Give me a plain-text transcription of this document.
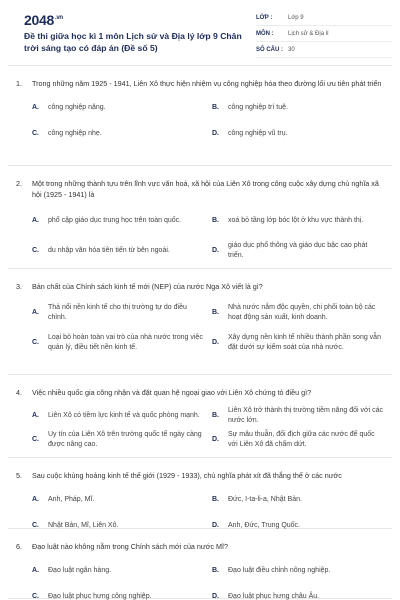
$2048^{.vn}$
Đề thi giữa học kì 1 môn Lịch sử và Địa lý lớp 9 Chân trời sáng tạo có đáp án (Đề số 5)
LỚP :	Lớp 9
MÔN :	Lịch sử & Địa lí
SỐ CÂU : 30
1.	Trong những năm 1925 - 1941, Liên Xô thực hiện nhiệm vụ công nghiệp hóa theo đường lối ưu tiên phát triển
A.	công nghiệp nặng.	B.	công nghiệp trí tuệ.
C.	công nghiệp nhẹ.	D.	công nghiệp vũ trụ.
2.	Một trong những thành tựu trên lĩnh vực văn hoá, xã hội của Liên Xô trong công cuộc xây dựng chủ nghĩa xã hội (1925 - 1941) là
A.	phổ cập giáo dục trung học trên toàn quốc.	B.	xoá bỏ tầng lớp bóc lột ở khu vực thành thị.
C.	du nhập văn hóa tiên tiến từ bên ngoài.	D.
giáo dục phổ thông và giáo dục bậc cao phát triển.
3.	Bản chất của Chính sách kinh tế mới (NEP) của nước Nga Xô viết là gì?
A.
Thả nổi nền kinh tế cho thị trường tự do điều chỉnh.
B.
Nhà nước nắm độc quyền, chi phối toàn bộ các hoạt động sản xuất, kinh doanh.
C.
Loại bỏ hoàn toàn vai trò của nhà nước trong việc quản lý, điều tiết nền kinh tế.
D.
Xây dựng nền kinh tế nhiều thành phần song vẫn đặt dưới sự kiểm soát của nhà nước.
4.	Việc nhiều quốc gia công nhận và đặt quan hệ ngoại giao với Liên Xô chứng tỏ điều gì?
A.	Liên Xô có tiềm lực kinh tế và quốc phòng mạnh.	B.
Liên Xô trở thành thị trường tiềm năng đối với các nước lớn.
C.
Uy tín của Liên Xô trên trường quốc tế ngày càng được nâng cao.
D.
Sự mâu thuẫn, đối địch giữa các nước đế quốc với Liên Xô đã chấm dứt.
5.	Sau cuộc khủng hoảng kinh tế thế giới (1929 - 1933), chủ nghĩa phát xít đã thắng thế ở các nước
A.	Anh, Pháp, Mĩ.	B.	Đức, I-ta-li-a, Nhật Bản.
C.	Nhật Bản, Mĩ, Liên Xô.	D.	Anh, Đức, Trung Quốc.
6.	Đạo luật nào không nằm trong Chính sách mới của nước Mĩ?
A.	Đạo luật ngân hàng.	B.	Đạo luật điều chỉnh nông nghiệp.
C.	Đạo luật phục hưng công nghiệp.	D.	Đạo luật phục hưng châu Âu.
